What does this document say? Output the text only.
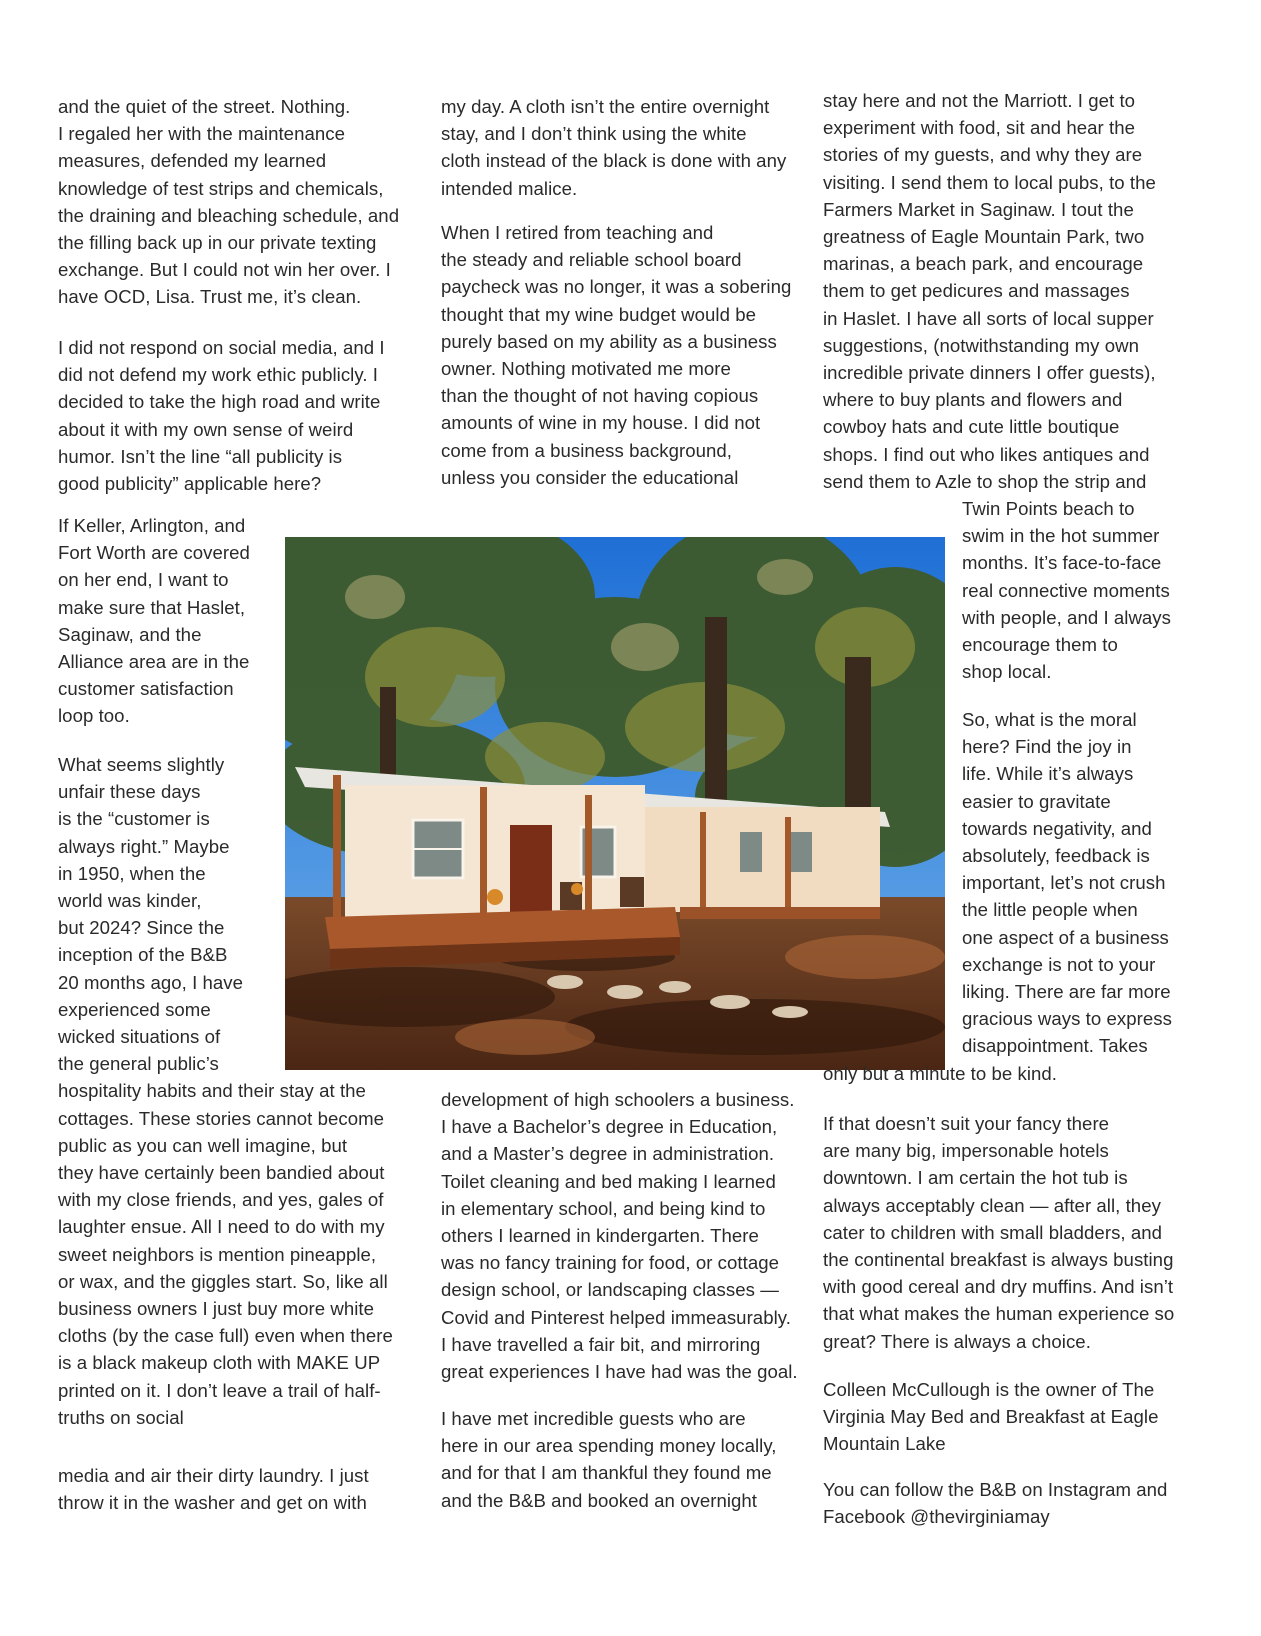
and the quiet of the street. Nothing.
I regaled her with the maintenance
measures, defended my learned
knowledge of test strips and chemicals,
the draining and bleaching schedule, and
the filling back up in our private texting
exchange. But I could not win her over. I
have OCD, Lisa. Trust me, it’s clean.
I did not respond on social media, and I
did not defend my work ethic publicly. I
decided to take the high road and write
about it with my own sense of weird
humor. Isn’t the line “all publicity is
good publicity” applicable here?
If Keller, Arlington, and
Fort Worth are covered
on her end, I want to
make sure that Haslet,
Saginaw, and the
Alliance area are in the
customer satisfaction
loop too.
What seems slightly
unfair these days
is the “customer is
always right.” Maybe
in 1950, when the
world was kinder,
but 2024? Since the
inception of the B&B
20 months ago, I have
experienced some
wicked situations of
the general public’s
hospitality habits and their stay at the
cottages. These stories cannot become
public as you can well imagine, but
they have certainly been bandied about
with my close friends, and yes, gales of
laughter ensue. All I need to do with my
sweet neighbors is mention pineapple,
or wax, and the giggles start. So, like all
business owners I just buy more white
cloths (by the case full) even when there
is a black makeup cloth with MAKE UP
printed on it. I don’t leave a trail of half-
truths on social
media and air their dirty laundry. I just
throw it in the washer and get on with
my day. A cloth isn’t the entire overnight
stay, and I don’t think using the white
cloth instead of the black is done with any
intended malice.
When I retired from teaching and
the steady and reliable school board
paycheck was no longer, it was a sobering
thought that my wine budget would be
purely based on my ability as a business
owner. Nothing motivated me more
than the thought of not having copious
amounts of wine in my house. I did not
come from a business background,
unless you consider the educational
development of high schoolers a business.
I have a Bachelor’s degree in Education,
and a Master’s degree in administration.
Toilet cleaning and bed making I learned
in elementary school, and being kind to
others I learned in kindergarten. There
was no fancy training for food, or cottage
design school, or landscaping classes —
Covid and Pinterest helped immeasurably.
I have travelled a fair bit, and mirroring
great experiences I have had was the goal.
I have met incredible guests who are
here in our area spending money locally,
and for that I am thankful they found me
and the B&B and booked an overnight
stay here and not the Marriott. I get to
experiment with food, sit and hear the
stories of my guests, and why they are
visiting. I send them to local pubs, to the
Farmers Market in Saginaw. I tout the
greatness of Eagle Mountain Park, two
marinas, a beach park, and encourage
them to get pedicures and massages
in Haslet. I have all sorts of local supper
suggestions, (notwithstanding my own
incredible private dinners I offer guests),
where to buy plants and flowers and
cowboy hats and cute little boutique
shops. I find out who likes antiques and
send them to Azle to shop the strip and
Twin Points beach to
swim in the hot summer
months. It’s face-to-face
real connective moments
with people, and I always
encourage them to
shop local.
So, what is the moral
here? Find the joy in
life. While it’s always
easier to gravitate
towards negativity, and
absolutely, feedback is
important, let’s not crush
the little people when
one aspect of a business
exchange is not to your
liking. There are far more
gracious ways to express
disappointment. Takes
only but a minute to be kind.
If that doesn’t suit your fancy there
are many big, impersonable hotels
downtown. I am certain the hot tub is
always acceptably clean — after all, they
cater to children with small bladders, and
the continental breakfast is always busting
with good cereal and dry muffins. And isn’t
that what makes the human experience so
great? There is always a choice.
Colleen McCullough is the owner of The
Virginia May Bed and Breakfast at Eagle
Mountain Lake
You can follow the B&B on Instagram and
Facebook @thevirginiamay
